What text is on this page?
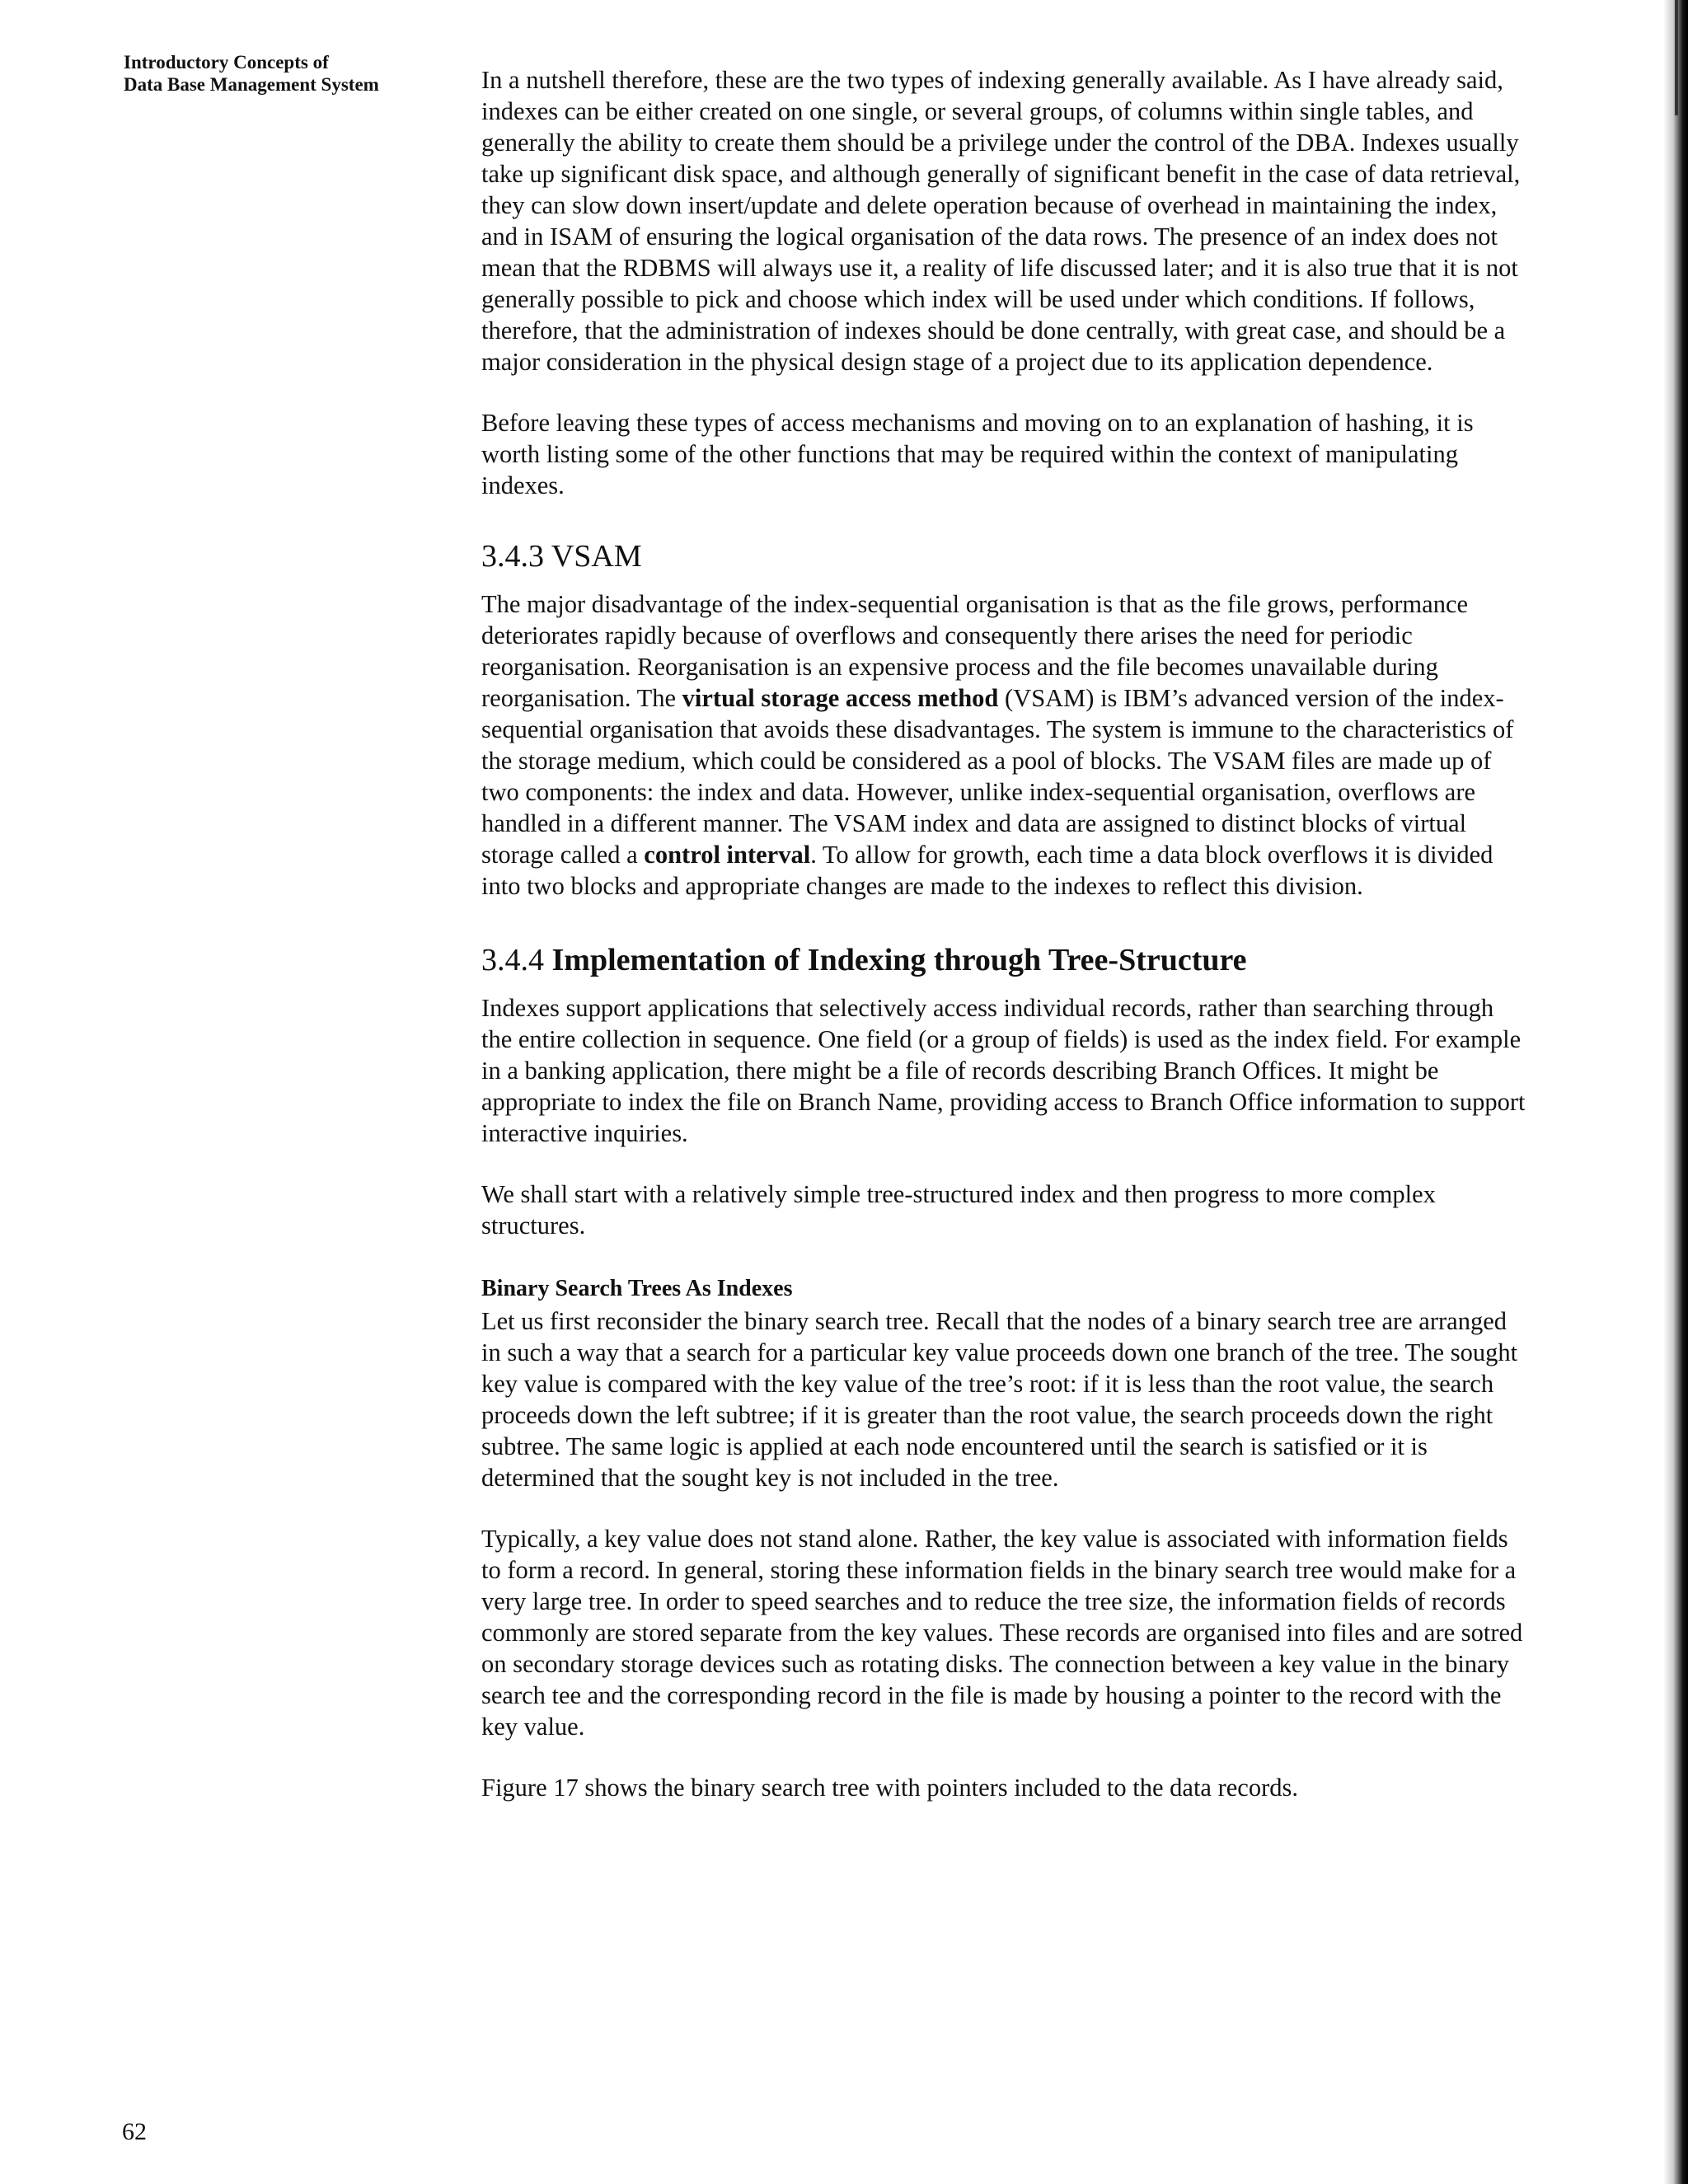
Introductory Concepts of
Data Base Management System	In a nutshell therefore, these are the two types of indexing generally available. As I have already said, indexes can be either created on one single, or several groups, of columns within single tables, and generally the ability to create them should be a privilege under the control of the DBA. Indexes usually take up significant disk space, and although generally of significant benefit in the case of data retrieval, they can slow down insert/update and delete operation because of overhead in maintaining the index, and in ISAM of ensuring the logical organisation of the data rows. The presence of an index does not mean that the RDBMS will always use it, a reality of life discussed later; and it is also true that it is not generally possible to pick and choose which index will be used under which conditions. If follows, therefore, that the administration of indexes should be done centrally, with great case, and should be a major consideration in the physical design stage of a project due to its application dependence.

Before leaving these types of access mechanisms and moving on to an explanation of hashing, it is worth listing some of the other functions that may be required within the context of manipulating indexes.

3.4.3 VSAM

The major disadvantage of the index-sequential organisation is that as the file grows, performance deteriorates rapidly because of overflows and consequently there arises the need for periodic reorganisation. Reorganisation is an expensive process and the file becomes unavailable during reorganisation. The virtual storage access method (VSAM) is IBM’s advanced version of the index-sequential organisation that avoids these disadvantages. The system is immune to the characteristics of the storage medium, which could be considered as a pool of blocks. The VSAM files are made up of two components: the index and data. However, unlike index-sequential organisation, overflows are handled in a different manner. The VSAM index and data are assigned to distinct blocks of virtual storage called a control interval. To allow for growth, each time a data block overflows it is divided into two blocks and appropriate changes are made to the indexes to reflect this division.

3.4.4 Implementation of Indexing through Tree-Structure

Indexes support applications that selectively access individual records, rather than searching through the entire collection in sequence. One field (or a group of fields) is used as the index field. For example in a banking application, there might be a file of records describing Branch Offices. It might be appropriate to index the file on Branch Name, providing access to Branch Office information to support interactive inquiries.

We shall start with a relatively simple tree-structured index and then progress to more complex structures.

Binary Search Trees As Indexes

Let us first reconsider the binary search tree. Recall that the nodes of a binary search tree are arranged in such a way that a search for a particular key value proceeds down one branch of the tree. The sought key value is compared with the key value of the tree’s root: if it is less than the root value, the search proceeds down the left subtree; if it is greater than the root value, the search proceeds down the right subtree. The same logic is applied at each node encountered until the search is satisfied or it is determined that the sought key is not included in the tree.

Typically, a key value does not stand alone. Rather, the key value is associated with information fields to form a record. In general, storing these information fields in the binary search tree would make for a very large tree. In order to speed searches and to reduce the tree size, the information fields of records commonly are stored separate from the key values. These records are organised into files and are sotred on secondary storage devices such as rotating disks. The connection between a key value in the binary search tee and the corresponding record in the file is made by housing a pointer to the record with the key value.

Figure 17 shows the binary search tree with pointers included to the data records.

62
